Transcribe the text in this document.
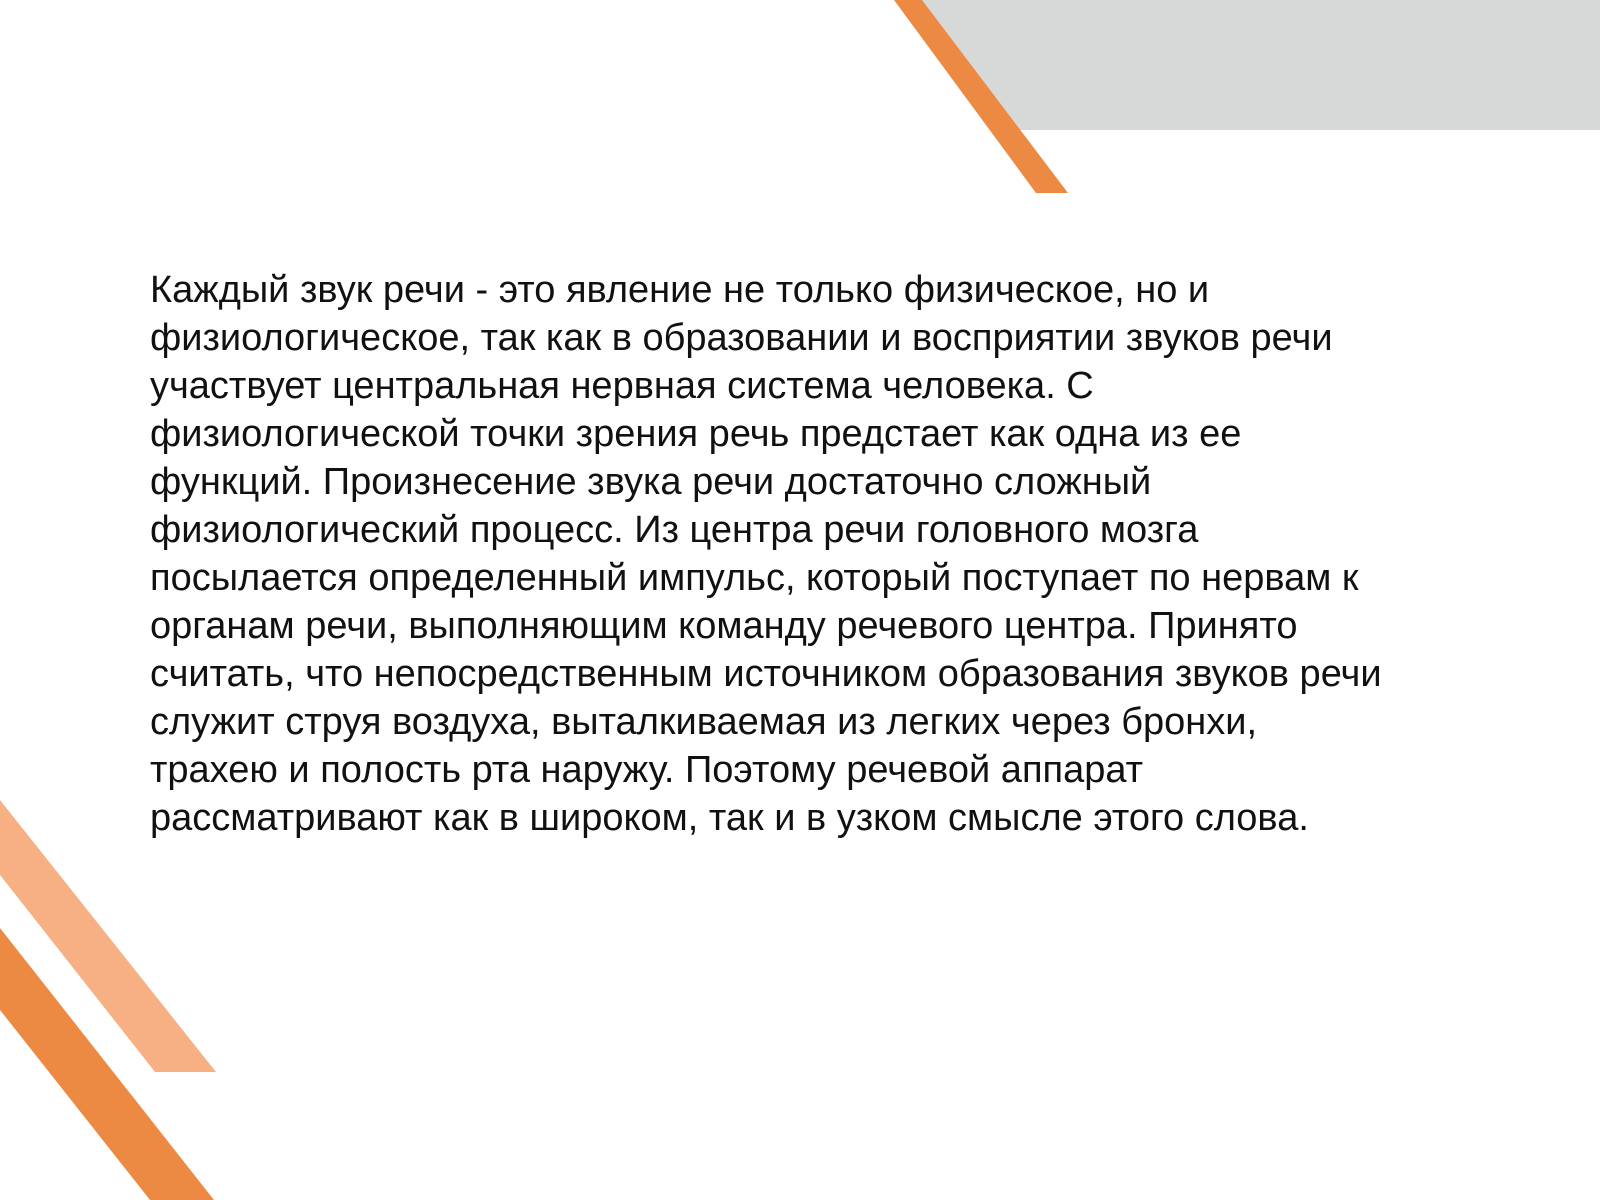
Каждый звук речи - это явление не только физическое, но и
физиологическое, так как в образовании и восприятии звуков речи
участвует центральная нервная система человека. С
физиологической точки зрения речь предстает как одна из ее
функций. Произнесение звука речи достаточно сложный
физиологический процесс. Из центра речи головного мозга
посылается определенный импульс, который поступает по нервам к
органам речи, выполняющим команду речевого центра. Принято
считать, что непосредственным источником образования звуков речи
служит струя воздуха, выталкиваемая из легких через бронхи,
трахею и полость рта наружу. Поэтому речевой аппарат
рассматривают как в широком, так и в узком смысле этого слова.
